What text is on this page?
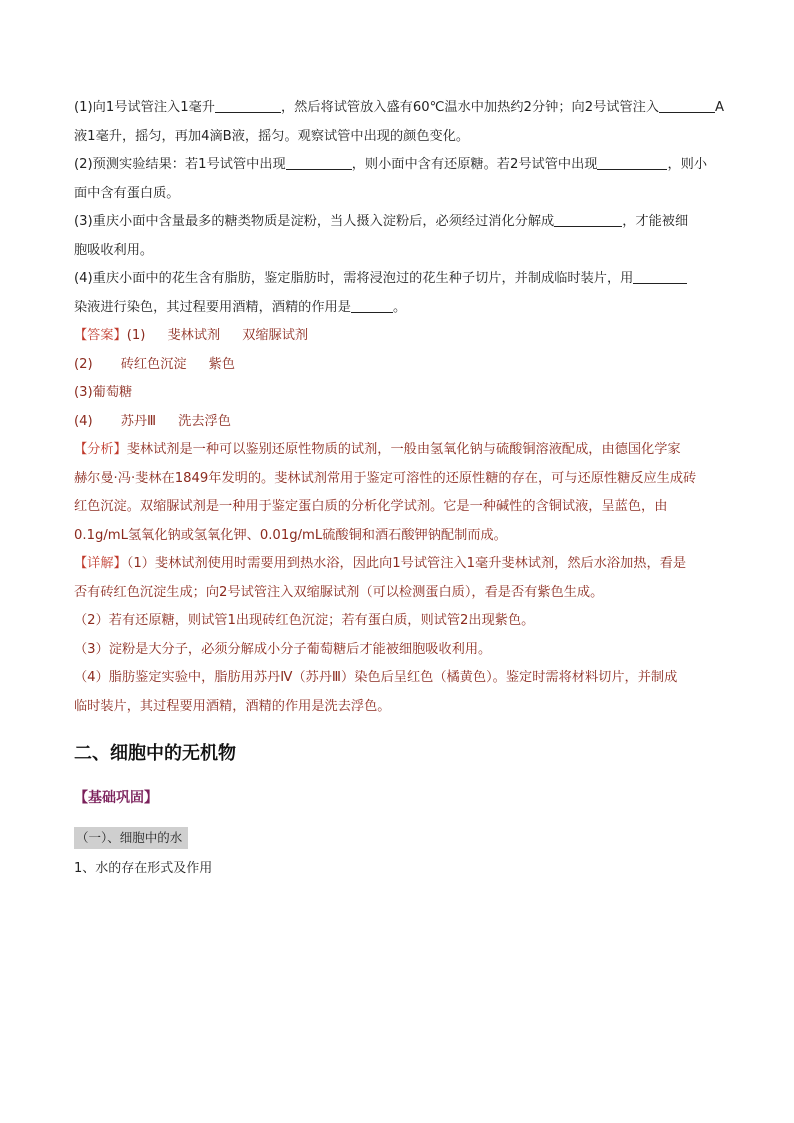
(1)向1号试管注入1毫升	，然后将试管放入盛有60℃温水中加热约2分钟；向2号试管注入	A
液1毫升，摇匀，再加4滴B液，摇匀。观察试管中出现的颜色变化。
(2)预测实验结果：若1号试管中出现	，则小面中含有还原糖。若2号试管中出现	，则小
面中含有蛋白质。
(3)重庆小面中含量最多的糖类物质是淀粉，当人摄入淀粉后，必须经过消化分解成	，才能被细
胞吸收利用。
(4)重庆小面中的花生含有脂肪，鉴定脂肪时，需将浸泡过的花生种子切片，并制成临时装片，用
染液进行染色，其过程要用酒精，酒精的作用是	。
【答案】(1) 斐林试剂 双缩脲试剂
(2) 砖红色沉淀 紫色
(3)葡萄糖
(4) 苏丹Ⅲ 洗去浮色
【分析】斐林试剂是一种可以鉴别还原性物质的试剂，一般由氢氧化钠与硫酸铜溶液配成，由德国化学家
赫尔曼·冯·斐林在1849年发明的。斐林试剂常用于鉴定可溶性的还原性糖的存在，可与还原性糖反应生成砖
红色沉淀。双缩脲试剂是一种用于鉴定蛋白质的分析化学试剂。它是一种碱性的含铜试液，呈蓝色，由
0.1g/mL氢氧化钠或氢氧化钾、0.01g/mL硫酸铜和酒石酸钾钠配制而成。
【详解】（1）斐林试剂使用时需要用到热水浴，因此向1号试管注入1毫升斐林试剂，然后水浴加热，看是
否有砖红色沉淀生成；向2号试管注入双缩脲试剂（可以检测蛋白质），看是否有紫色生成。
（2）若有还原糖，则试管1出现砖红色沉淀；若有蛋白质，则试管2出现紫色。
（3）淀粉是大分子，必须分解成小分子葡萄糖后才能被细胞吸收利用。
（4）脂肪鉴定实验中，脂肪用苏丹Ⅳ（苏丹Ⅲ）染色后呈红色（橘黄色）。鉴定时需将材料切片，并制成
临时装片，其过程要用酒精，酒精的作用是洗去浮色。
二、细胞中的无机物
【基础巩固】
（一）、细胞中的水
1、水的存在形式及作用
